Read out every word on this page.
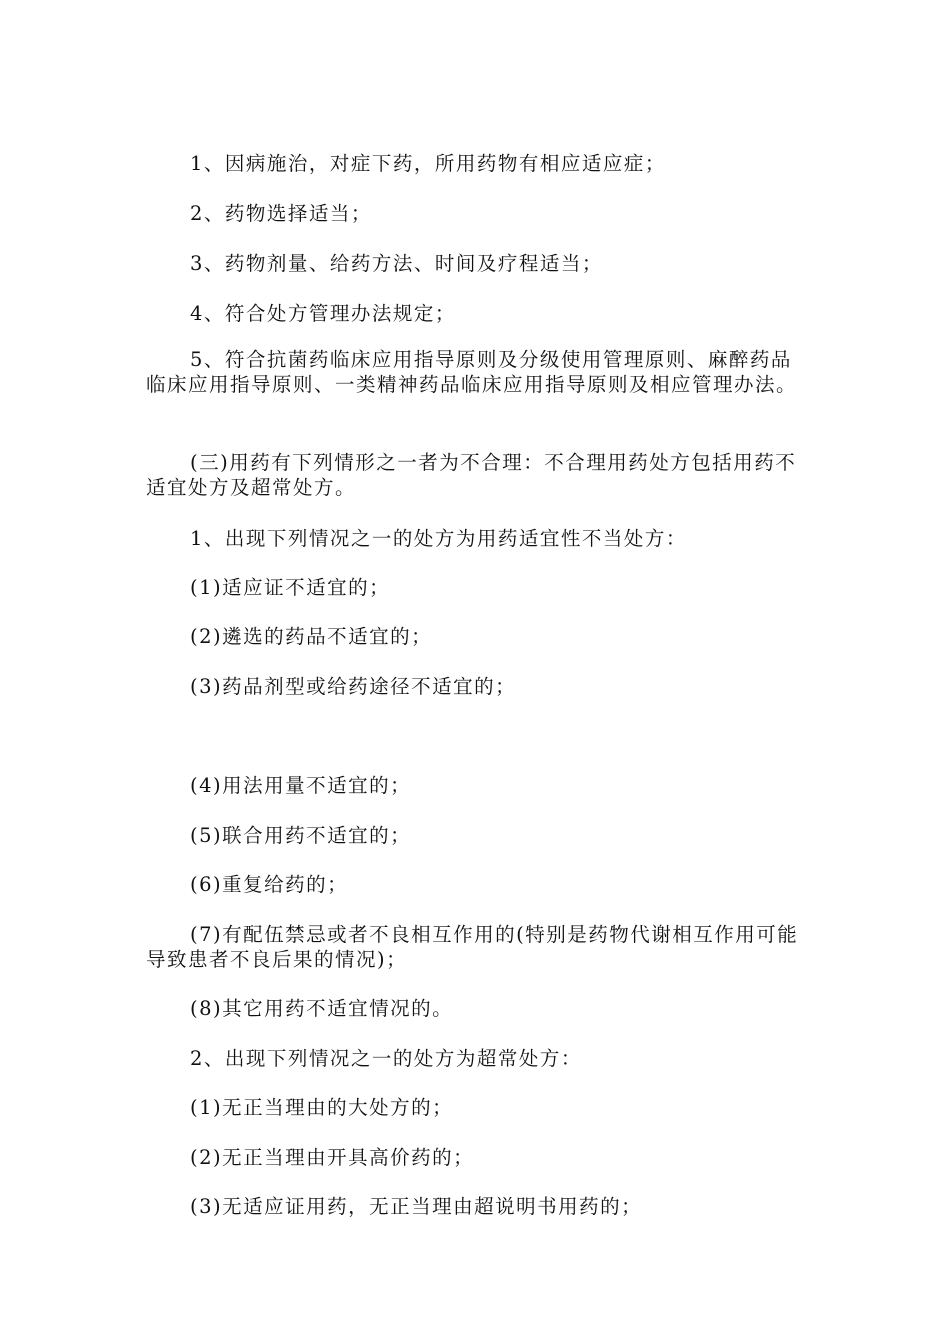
1、因病施治，对症下药，所用药物有相应适应症；

2、药物选择适当；

3、药物剂量、给药方法、时间及疗程适当；

4、符合处方管理办法规定；

5、符合抗菌药临床应用指导原则及分级使用管理原则、麻醉药品临床应用指导原则、一类精神药品临床应用指导原则及相应管理办法。

(三)用药有下列情形之一者为不合理：不合理用药处方包括用药不适宜处方及超常处方。

1、出现下列情况之一的处方为用药适宜性不当处方：

(1)适应证不适宜的；

(2)遴选的药品不适宜的；

(3)药品剂型或给药途径不适宜的；

(4)用法用量不适宜的；

(5)联合用药不适宜的；

(6)重复给药的；

(7)有配伍禁忌或者不良相互作用的(特别是药物代谢相互作用可能导致患者不良后果的情况)；

(8)其它用药不适宜情况的。

2、出现下列情况之一的处方为超常处方：

(1)无正当理由的大处方的；

(2)无正当理由开具高价药的；

(3)无适应证用药，无正当理由超说明书用药的；
